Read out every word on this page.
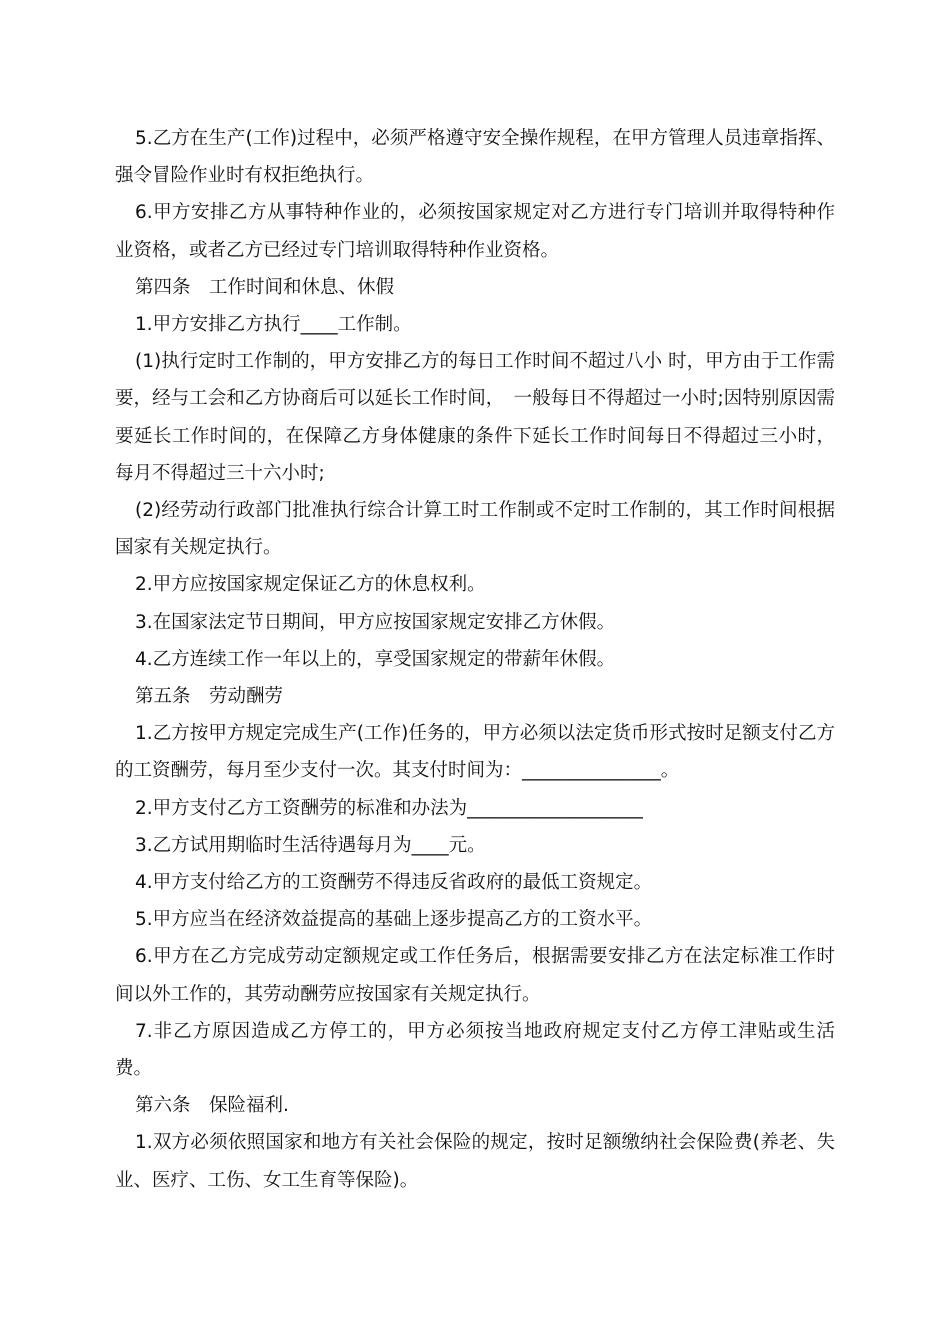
5.乙方在生产(工作)过程中，必须严格遵守安全操作规程，在甲方管理人员违章指挥、强令冒险作业时有权拒绝执行。

6.甲方安排乙方从事特种作业的，必须按国家规定对乙方进行专门培训并取得特种作业资格，或者乙方已经过专门培训取得特种作业资格。

第四条　工作时间和休息、休假

1.甲方安排乙方执行____工作制。

(1)执行定时工作制的，甲方安排乙方的每日工作时间不超过八小 时，甲方由于工作需要，经与工会和乙方协商后可以延长工作时间，　一般每日不得超过一小时;因特别原因需要延长工作时间的，在保障乙方身体健康的条件下延长工作时间每日不得超过三小时，每月不得超过三十六小时;

(2)经劳动行政部门批准执行综合计算工时工作制或不定时工作制的，其工作时间根据国家有关规定执行。

2.甲方应按国家规定保证乙方的休息权利。

3.在国家法定节日期间，甲方应按国家规定安排乙方休假。

4.乙方连续工作一年以上的，享受国家规定的带薪年休假。

第五条　劳动酬劳

1.乙方按甲方规定完成生产(工作)任务的，甲方必须以法定货币形式按时足额支付乙方的工资酬劳，每月至少支付一次。其支付时间为：_______________。

2.甲方支付乙方工资酬劳的标准和办法为___________________

3.乙方试用期临时生活待遇每月为____元。

4.甲方支付给乙方的工资酬劳不得违反省政府的最低工资规定。

5.甲方应当在经济效益提高的基础上逐步提高乙方的工资水平。

6.甲方在乙方完成劳动定额规定或工作任务后，根据需要安排乙方在法定标准工作时间以外工作的，其劳动酬劳应按国家有关规定执行。

7.非乙方原因造成乙方停工的，甲方必须按当地政府规定支付乙方停工津贴或生活费。

第六条　保险福利.

1.双方必须依照国家和地方有关社会保险的规定，按时足额缴纳社会保险费(养老、失业、医疗、工伤、女工生育等保险)。
